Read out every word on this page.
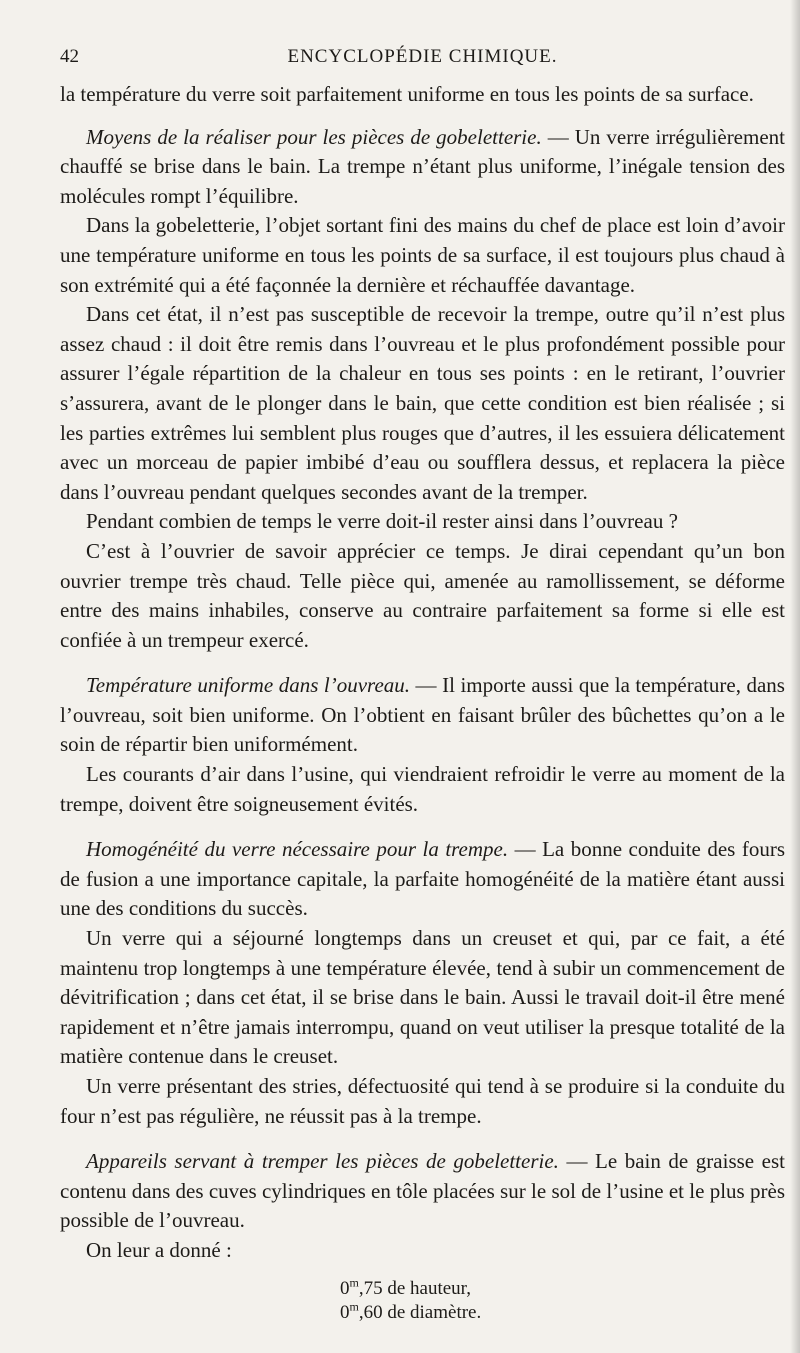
42	ENCYCLOPÉDIE CHIMIQUE.

la température du verre soit parfaitement uniforme en tous les points de sa surface.

Moyens de la réaliser pour les pièces de gobeletterie. — Un verre irrégulièrement chauffé se brise dans le bain. La trempe n’étant plus uniforme, l’inégale tension des molécules rompt l’équilibre.

Dans la gobeletterie, l’objet sortant fini des mains du chef de place est loin d’avoir une température uniforme en tous les points de sa surface, il est toujours plus chaud à son extrémité qui a été façonnée la dernière et réchauffée davantage.

Dans cet état, il n’est pas susceptible de recevoir la trempe, outre qu’il n’est plus assez chaud : il doit être remis dans l’ouvreau et le plus profondément possible pour assurer l’égale répartition de la chaleur en tous ses points : en le retirant, l’ouvrier s’assurera, avant de le plonger dans le bain, que cette condition est bien réalisée ; si les parties extrêmes lui semblent plus rouges que d’autres, il les essuiera délicatement avec un morceau de papier imbibé d’eau ou soufflera dessus, et replacera la pièce dans l’ouvreau pendant quelques secondes avant de la tremper.

Pendant combien de temps le verre doit-il rester ainsi dans l’ouvreau ?

C’est à l’ouvrier de savoir apprécier ce temps. Je dirai cependant qu’un bon ouvrier trempe très chaud. Telle pièce qui, amenée au ramollissement, se déforme entre des mains inhabiles, conserve au contraire parfaitement sa forme si elle est confiée à un trempeur exercé.

Température uniforme dans l’ouvreau. — Il importe aussi que la température, dans l’ouvreau, soit bien uniforme. On l’obtient en faisant brûler des bûchettes qu’on a le soin de répartir bien uniformément.

Les courants d’air dans l’usine, qui viendraient refroidir le verre au moment de la trempe, doivent être soigneusement évités.

Homogénéité du verre nécessaire pour la trempe. — La bonne conduite des fours de fusion a une importance capitale, la parfaite homogénéité de la matière étant aussi une des conditions du succès.

Un verre qui a séjourné longtemps dans un creuset et qui, par ce fait, a été maintenu trop longtemps à une température élevée, tend à subir un commencement de dévitrification ; dans cet état, il se brise dans le bain. Aussi le travail doit-il être mené rapidement et n’être jamais interrompu, quand on veut utiliser la presque totalité de la matière contenue dans le creuset.

Un verre présentant des stries, défectuosité qui tend à se produire si la conduite du four n’est pas régulière, ne réussit pas à la trempe.

Appareils servant à tremper les pièces de gobeletterie. — Le bain de graisse est contenu dans des cuves cylindriques en tôle placées sur le sol de l’usine et le plus près possible de l’ouvreau.

On leur a donné :

0$^m$,75 de hauteur,
0$^m$,60 de diamètre.
